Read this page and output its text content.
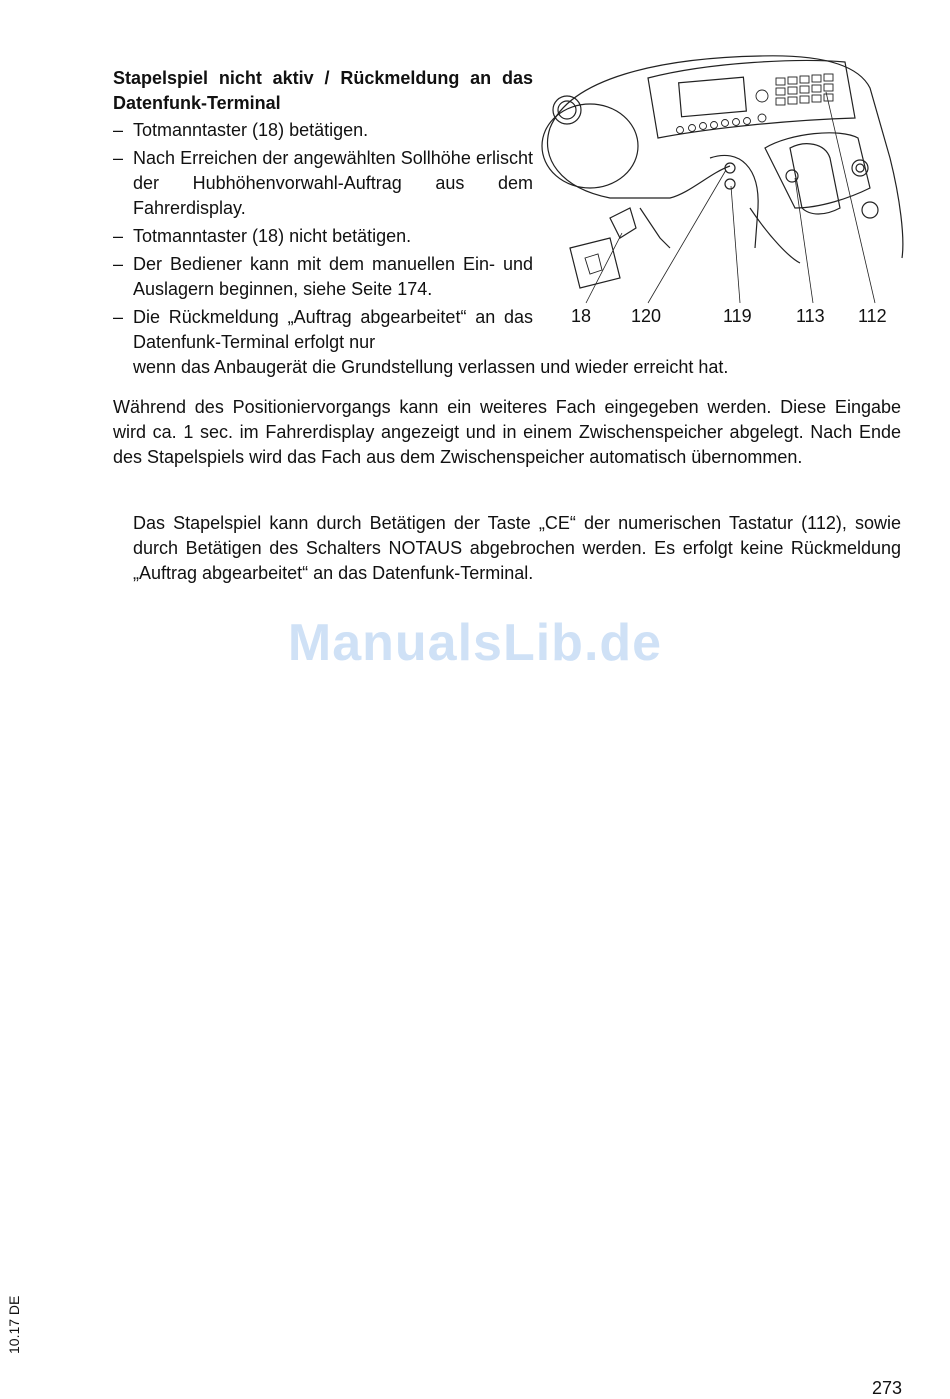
Stapelspiel nicht aktiv / Rückmeldung an das Datenfunk-Terminal
– Totmanntaster (18) betätigen.
– Nach Erreichen der angewählten Sollhöhe erlischt der Hubhöhenvorwahl-Auftrag aus dem Fahrerdisplay.
– Totmanntaster (18) nicht betätigen.
– Der Bediener kann mit dem manuellen Ein- und Auslagern beginnen, siehe Seite 174.
– Die Rückmeldung „Auftrag abgearbeitet“ an das Datenfunk-Terminal erfolgt nur
wenn das Anbaugerät die Grundstellung verlassen und wieder erreicht hat.
18 120	119 113 112

Während des Positioniervorgangs kann ein weiteres Fach eingegeben werden. Diese Eingabe wird ca. 1 sec. im Fahrerdisplay angezeigt und in einem Zwischenspeicher abgelegt. Nach Ende des Stapelspiels wird das Fach aus dem Zwischenspeicher automatisch übernommen.

Das Stapelspiel kann durch Betätigen der Taste „CE“ der numerischen Tastatur (112), sowie durch Betätigen des Schalters NOTAUS abgebrochen werden. Es erfolgt keine Rückmeldung „Auftrag abgearbeitet“ an das Datenfunk-Terminal.

ManualsLib.de
10.17 DE
273
